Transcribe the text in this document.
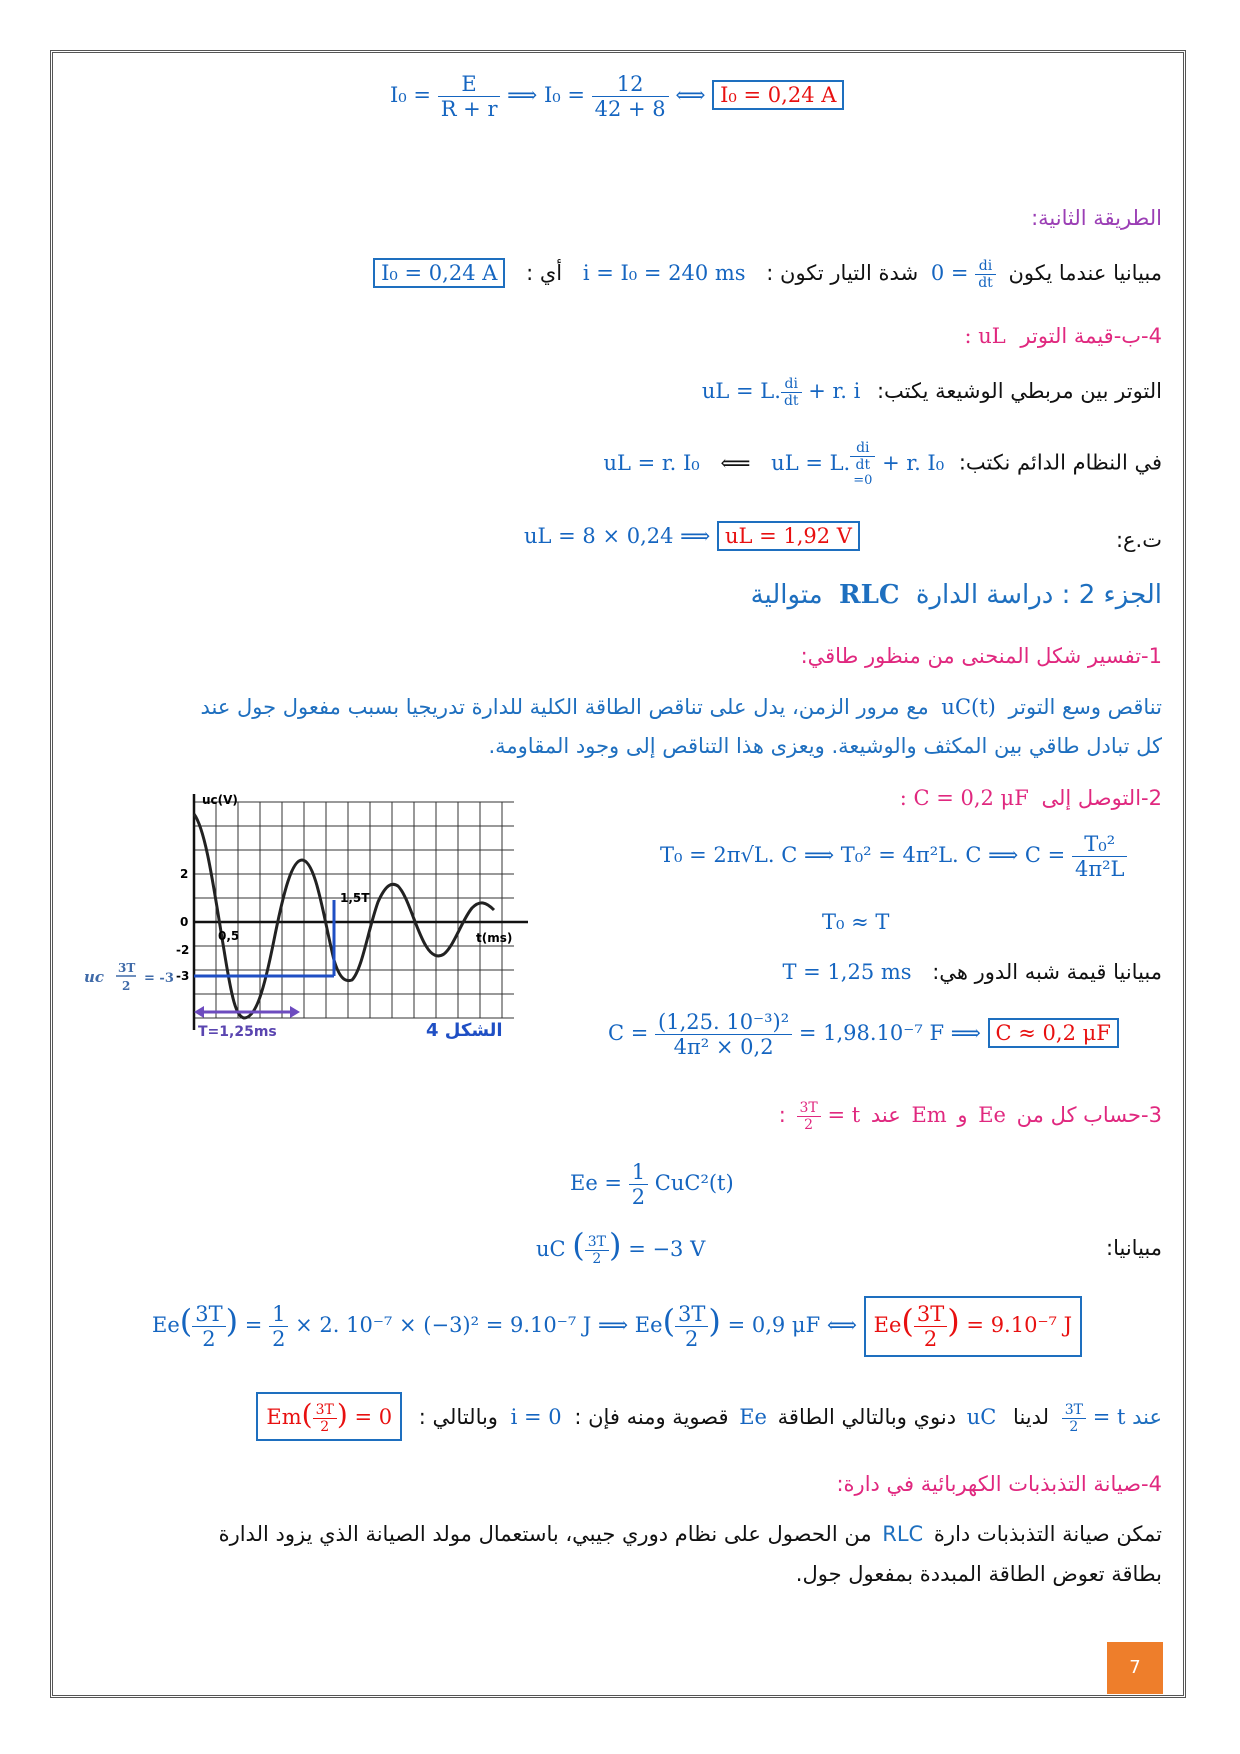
$I_0 = \frac{E}{R + r}$ ⟹ $I_0 = \frac{12}{42 + 8}$ ⟺ I₀ = 0,24 A
الطريقة الثانية:
مبيانيا عندما يكون
$\frac{di}{dt}$
= 0 شدة التيار تكون : i = I₀ = 240 ms أي : I₀ = 0,24 A
4-ب-قيمة التوتر uL :
التوتر بين مربطي الوشيعة يكتب: uL = L. $\frac{di}{dt} + r$. i
في النظام الدائم نكتب: uL = r. I₀ ⟸ uL = L.
di
dt
=0
+ r. I₀
ت.ع:
uL = 8 × 0,24 ⟹ uL = 1,92 V
الجزء 2 : دراسة الدارة RLC متوالية
1-تفسير شكل المنحنى من منظور طاقي:
تناقص وسع التوتر uC(t) مع مرور الزمن، يدل على تناقص الطاقة الكلية للدارة تدريجيا بسبب مفعول جول عند
كل تبادل طاقي بين المكثف والوشيعة. ويعزى هذا التناقص إلى وجود المقاومة.
2-التوصل إلى C = 0,2 μF :
T₀ = 2π√L. C ⟹ T₀² = 4π²L. C ⟹ $C = \frac{\text{T₀²}}{\text{4π²L}}$
T₀ ≈ T
مبيانيا قيمة شبه الدور هي: T = 1,25 ms
$C = \frac{\text{(1,25. 10⁻³)²}}{\text{4π² × 0,2}} = 1,98.10^{-7}$ F ⟹ C ≈ 0,2 μF
uc(V)
t(ms)
2
0
-2
-3
0,5
1,5T
uc 3T
2 = -3
T=1,25ms	الشكل 4
3-حساب كل من Ee و Em عند t =
$\frac{3T}{2}$
:
$Ee = \frac{1}{2} CuC^2(t)$
مبيانيا:
uC ( $\frac{3T}{2}$ ) = −3 V
$Ee( \frac{3T}{2}$ ) = $\frac{1}{2} \times 2$. 10⁻⁷ × (−3)² = 9.10⁻⁷ J ⟹ $Ee( \frac{3T}{2}$ ) = 0,9 μF ⟺ $Ee( \frac{3T}{2}$ ) = 9.10⁻⁷ J
عند t =
$\frac{3T}{2}$
لدينا uC دنوي وبالتالي الطاقة Ee قصوية ومنه فإن : i = 0 وبالتالي : $Em( \frac{3T}{2}$ ) = 0
4-صيانة التذبذبات الكهربائية في دارة:
تمكن صيانة التذبذبات دارة RLC من الحصول على نظام دوري جيبي، باستعمال مولد الصيانة الذي يزود الدارة
بطاقة تعوض الطاقة المبددة بمفعول جول.
7
